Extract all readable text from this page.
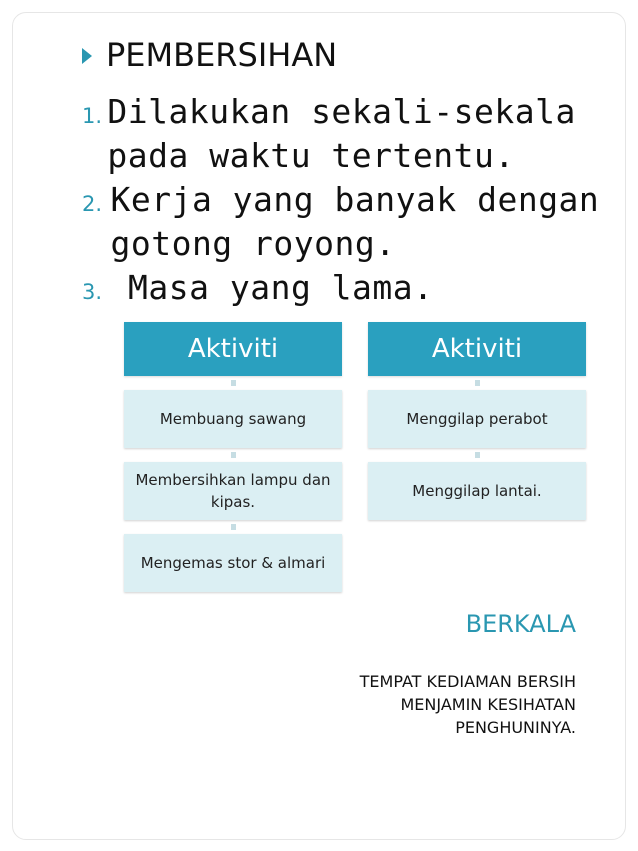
PEMBERSIHAN
1. Dilakukan sekali-sekala pada waktu tertentu.
2. Kerja yang banyak dengan gotong royong.
3. Masa yang lama.
Aktiviti
Membuang sawang
Membersihkan lampu dan kipas.
Mengemas stor & almari
Aktiviti
Menggilap perabot
Menggilap lantai.
BERKALA
TEMPAT KEDIAMAN BERSIH MENJAMIN KESIHATAN PENGHUNINYA.
